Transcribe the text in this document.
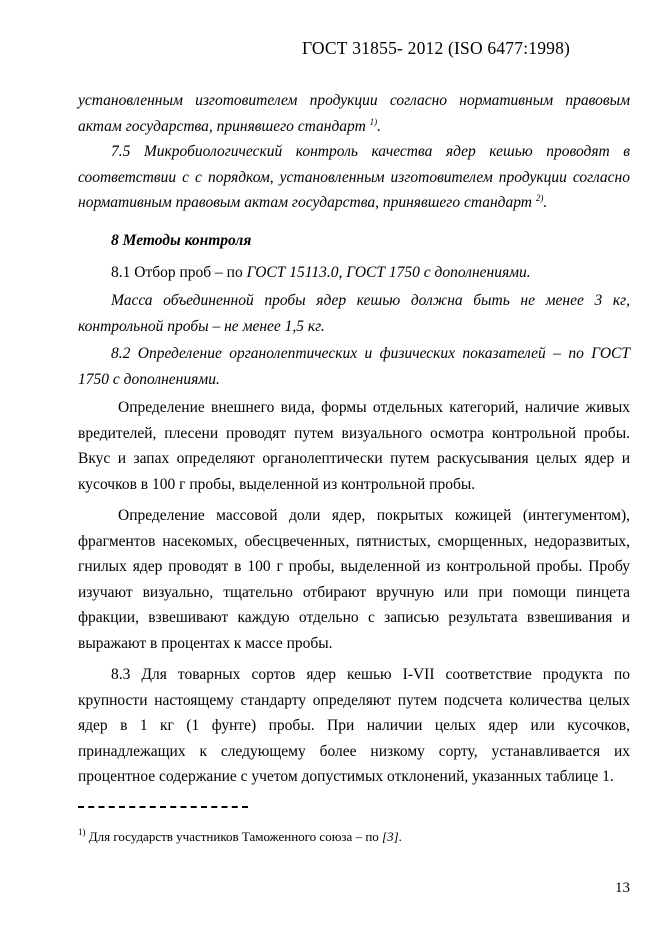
ГОСТ 31855- 2012 (ISO 6477:1998)
установленным изготовителем продукции согласно нормативным правовым актам государства, принявшего стандарт $^{1)}$.
7.5 Микробиологический контроль качества ядер кешью проводят в соответствии с с порядком, установленным изготовителем продукции согласно нормативным правовым актам государства, принявшего стандарт $^{2)}$.
8 Методы контроля
8.1 Отбор проб – по ГОСТ 15113.0, ГОСТ 1750 с дополнениями.
Масса объединенной пробы ядер кешью должна быть не менее 3 кг, контрольной пробы – не менее 1,5 кг.
8.2 Определение органолептических и физических показателей – по ГОСТ 1750 с дополнениями.
Определение внешнего вида, формы отдельных категорий, наличие живых вредителей, плесени проводят путем визуального осмотра контрольной пробы. Вкус и запах определяют органолептически путем раскусывания целых ядер и кусочков в 100 г пробы, выделенной из контрольной пробы.
Определение массовой доли ядер, покрытых кожицей (интегументом), фрагментов насекомых, обесцвеченных, пятнистых, сморщенных, недоразвитых, гнилых ядер проводят в 100 г пробы, выделенной из контрольной пробы. Пробу изучают визуально, тщательно отбирают вручную или при помощи пинцета фракции, взвешивают каждую отдельно с записью результата взвешивания и выражают в процентах к массе пробы.
8.3 Для товарных сортов ядер кешью I-VII соответствие продукта по крупности настоящему стандарту определяют путем подсчета количества целых ядер в 1 кг (1 фунте) пробы. При наличии целых ядер или кусочков, принадлежащих к следующему более низкому сорту, устанавливается их процентное содержание с учетом допустимых отклонений, указанных таблице 1.
$^{1)}$ Для государств участников Таможенного союза – по [3].
13
